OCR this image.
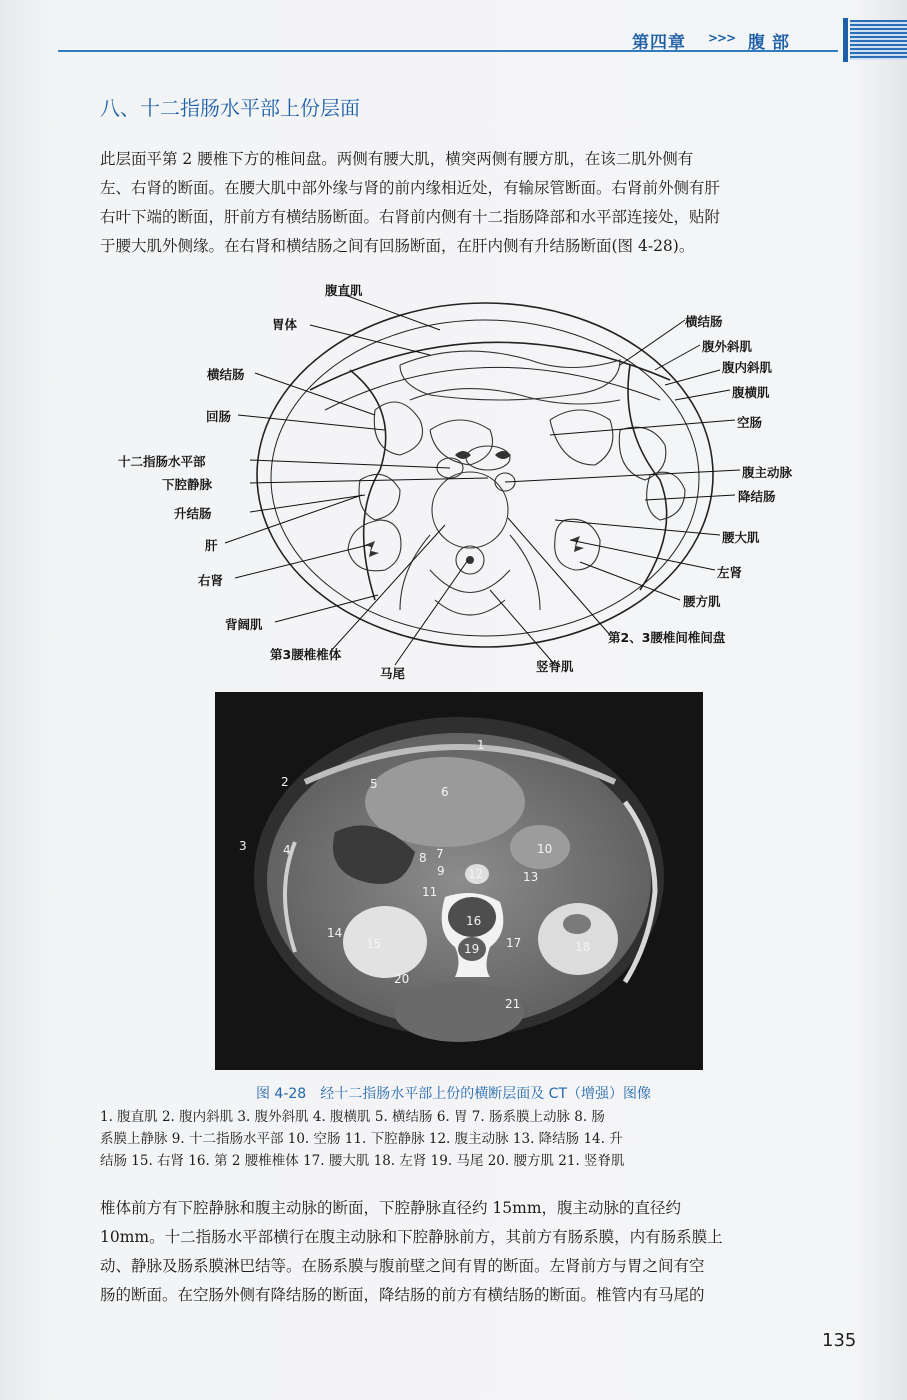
第四章 >>> 腹部
八、十二指肠水平部上份层面
此层面平第 2 腰椎下方的椎间盘。两侧有腰大肌，横突两侧有腰方肌，在该二肌外侧有
左、右肾的断面。在腰大肌中部外缘与肾的前内缘相近处，有输尿管断面。右肾前外侧有肝
右叶下端的断面，肝前方有横结肠断面。右肾前内侧有十二指肠降部和水平部连接处，贴附
于腰大肌外侧缘。在右肾和横结肠之间有回肠断面，在肝内侧有升结肠断面(图 4-28)。
腹直肌
胃体
横结肠
回肠
十二指肠水平部
下腔静脉
升结肠
肝
右肾
背阔肌
第3腰椎椎体
马尾	竖脊肌
第2、3腰椎间椎间盘
腰方肌
左肾
腰大肌
降结肠
腹主动脉
空肠
腹横肌
腹内斜肌
腹外斜肌
横结肠
1
2
3	4
5
6
7
8
9
10
11
12	13
14
15
16
17	18
19
20
21
图 4-28 经十二指肠水平部上份的横断层面及 CT（增强）图像
1. 腹直肌 2. 腹内斜肌 3. 腹外斜肌 4. 腹横肌 5. 横结肠 6. 胃 7. 肠系膜上动脉 8. 肠
系膜上静脉 9. 十二指肠水平部 10. 空肠 11. 下腔静脉 12. 腹主动脉 13. 降结肠 14. 升
结肠 15. 右肾 16. 第 2 腰椎椎体 17. 腰大肌 18. 左肾 19. 马尾 20. 腰方肌 21. 竖脊肌
椎体前方有下腔静脉和腹主动脉的断面，下腔静脉直径约 15mm，腹主动脉的直径约
10mm。十二指肠水平部横行在腹主动脉和下腔静脉前方，其前方有肠系膜，内有肠系膜上
动、静脉及肠系膜淋巴结等。在肠系膜与腹前壁之间有胃的断面。左肾前方与胃之间有空
肠的断面。在空肠外侧有降结肠的断面，降结肠的前方有横结肠的断面。椎管内有马尾的
135
